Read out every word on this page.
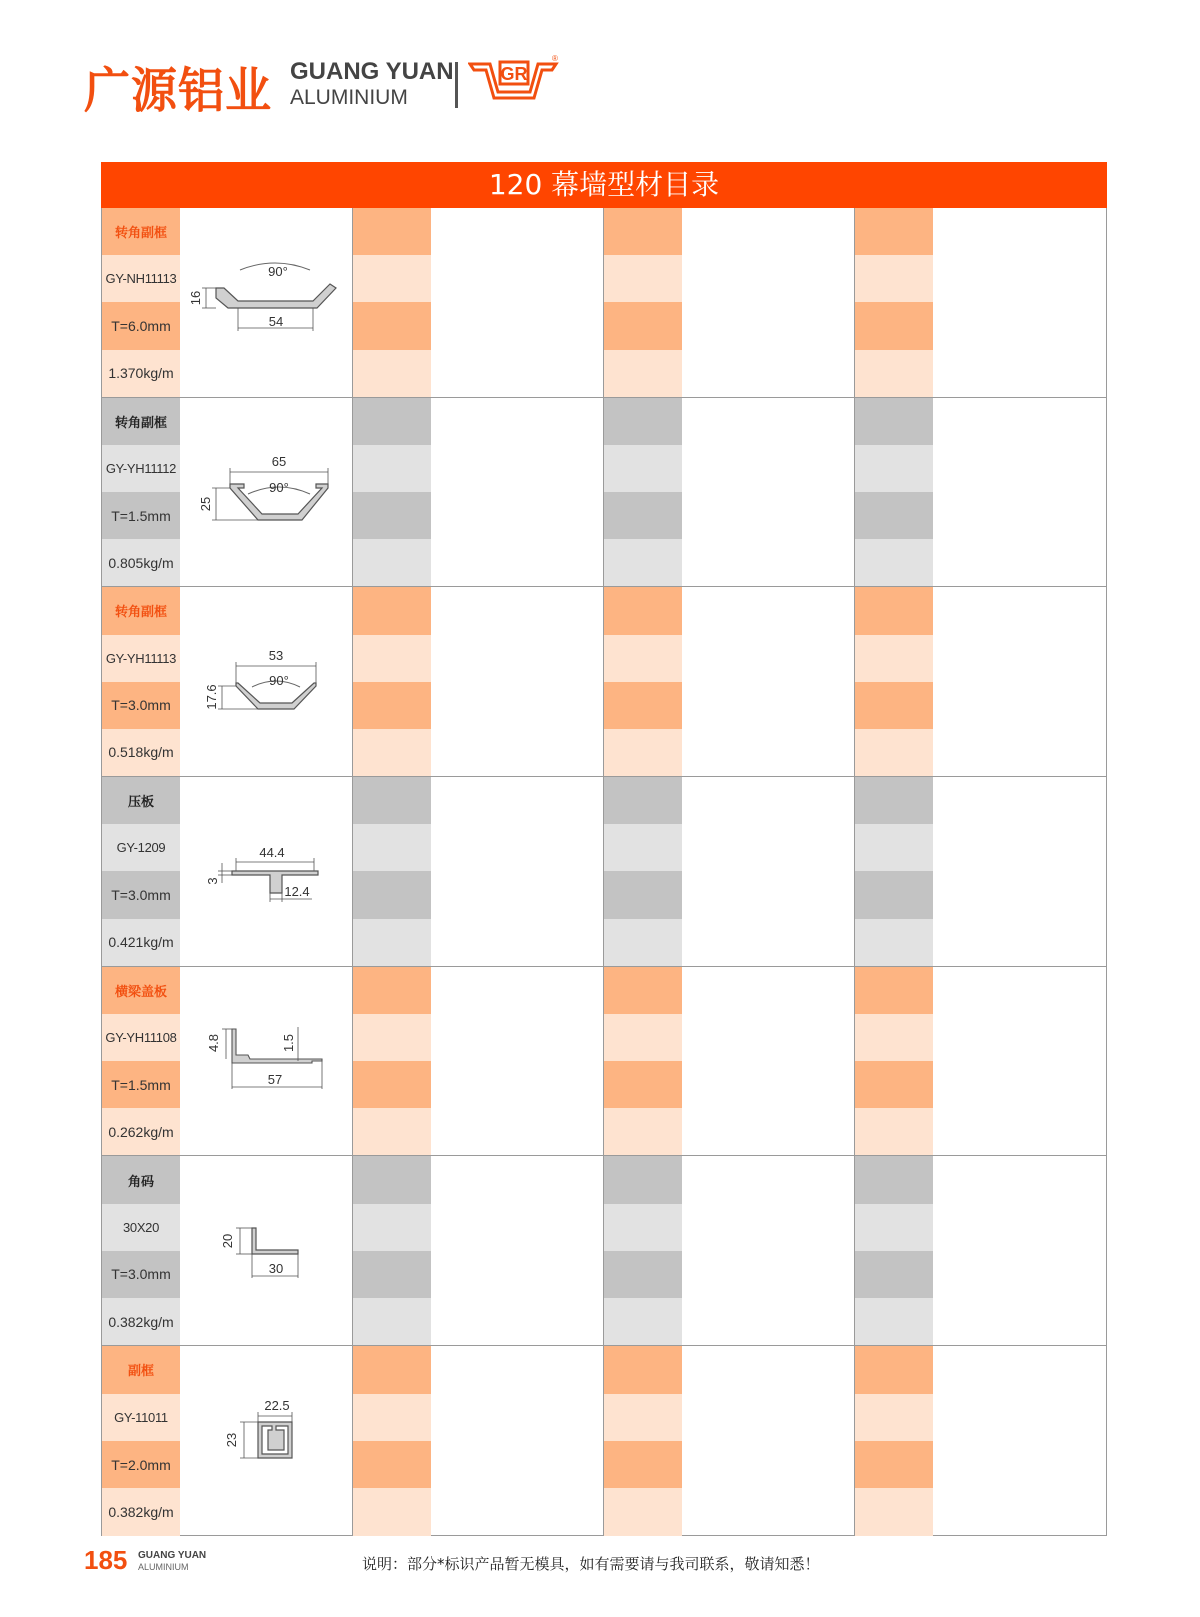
广源铝业 GUANG YUAN
ALUMINIUM
GR
®
120 幕墙型材目录
转角副框
GY-NH11113
T=6.0mm
1.370kg/m
90°
16
54
转角副框
GY-YH11112
T=1.5mm
0.805kg/m
65
90°
25
转角副框
GY-YH11113
T=3.0mm
0.518kg/m
53
90°
17.6
压板
GY-1209
T=3.0mm
0.421kg/m
44.4
3
12.4
横梁盖板
GY-YH11108
T=1.5mm
0.262kg/m
4.8	1.5
57
角码
30X20
T=3.0mm
0.382kg/m
20
30
副框
GY-11011
T=2.0mm
0.382kg/m
22.5
23
185 GUANG YUAN
ALUMINIUM	说明：部分*标识产品暂无模具，如有需要请与我司联系，敬请知悉！
